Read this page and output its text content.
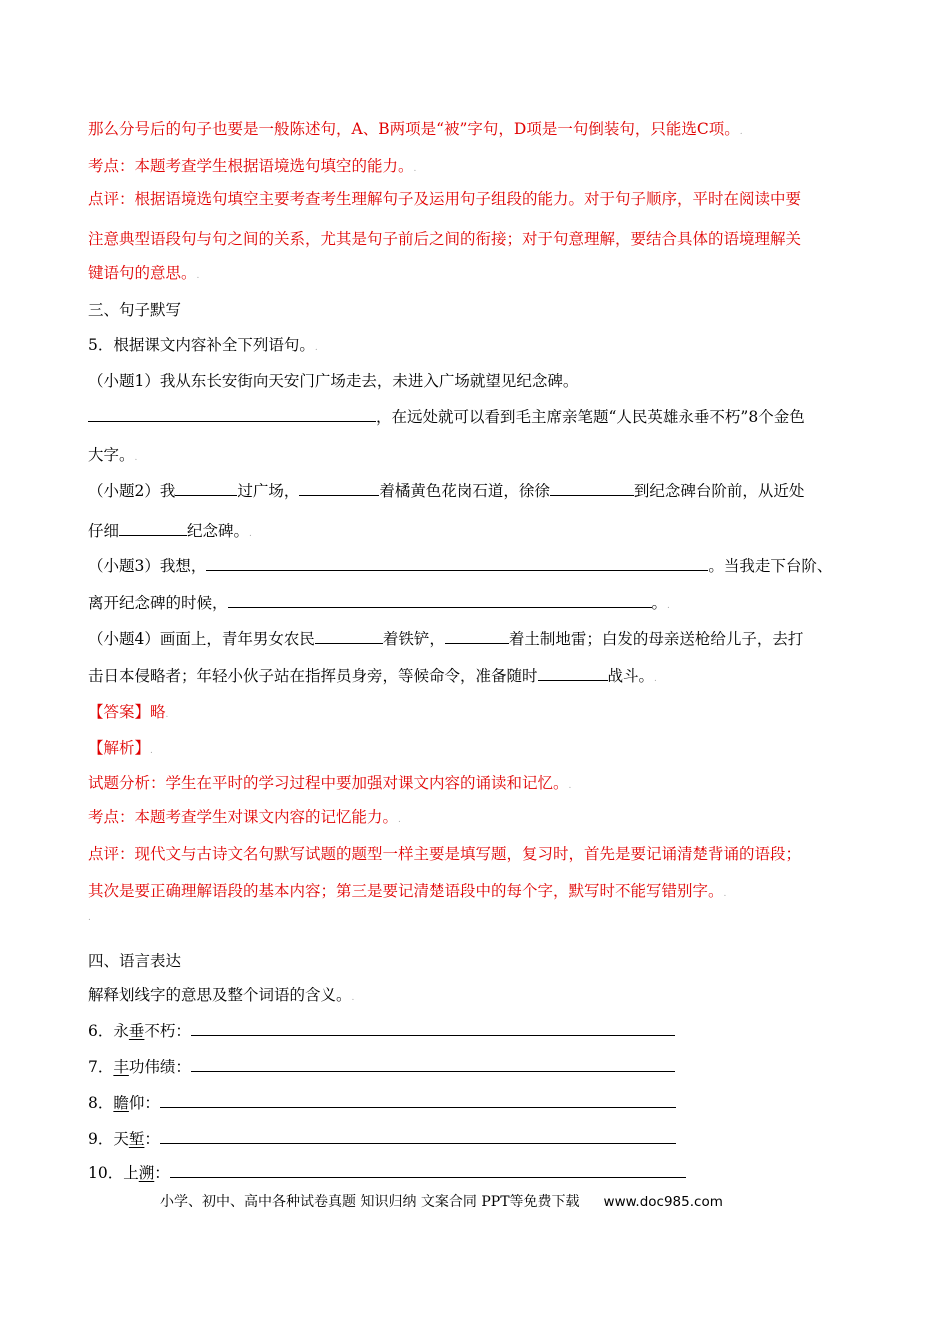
那么分号后的句子也要是一般陈述句，A、B两项是“被”字句，D项是一句倒装句，只能选C项。.
考点：本题考查学生根据语境选句填空的能力。.
点评：根据语境选句填空主要考查考生理解句子及运用句子组段的能力。对于句子顺序，平时在阅读中要
注意典型语段句与句之间的关系，尤其是句子前后之间的衔接；对于句意理解，要结合具体的语境理解关
键语句的意思。.
三、句子默写
5．根据课文内容补全下列语句。.
（小题1）我从东长安街向天安门广场走去，未进入广场就望见纪念碑。
，在远处就可以看到毛主席亲笔题“人民英雄永垂不朽”8个金色
大字。.
（小题2）我	过广场，	着橘黄色花岗石道，徐徐	到纪念碑台阶前，从近处
仔细	纪念碑。.
（小题3）我想，	。当我走下台阶、
离开纪念碑的时候，	。.
（小题4）画面上，青年男女农民	着铁铲，	着土制地雷；白发的母亲送枪给儿子，去打
击日本侵略者；年轻小伙子站在指挥员身旁，等候命令，准备随时	战斗。.
【答案】略.
【解析】.
试题分析：学生在平时的学习过程中要加强对课文内容的诵读和记忆。.
考点：本题考查学生对课文内容的记忆能力。.
点评：现代文与古诗文名句默写试题的题型一样主要是填写题，复习时，首先是要记诵清楚背诵的语段；
其次是要正确理解语段的基本内容；第三是要记清楚语段中的每个字，默写时不能写错别字。.
.
四、语言表达
解释划线字的意思及整个词语的含义。.
6．永垂不朽：
7．丰功伟绩：
8．瞻仰：
9．天堑：
10．上溯：
小学、初中、高中各种试卷真题 知识归纳 文案合同 PPT等免费下载 www.doc985.com
